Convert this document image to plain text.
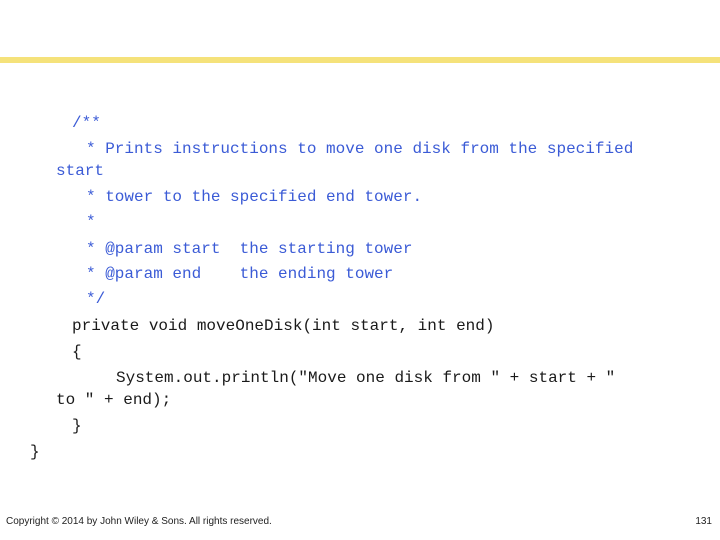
/**
* Prints instructions to move one disk from the specified
start
* tower to the specified end tower.
*
* @param start  the starting tower
* @param end    the ending tower
*/
private void moveOneDisk(int start, int end)
{
System.out.println("Move one disk from " + start + "
to " + end);
}
}
Copyright © 2014 by John Wiley & Sons. All rights reserved.	131
